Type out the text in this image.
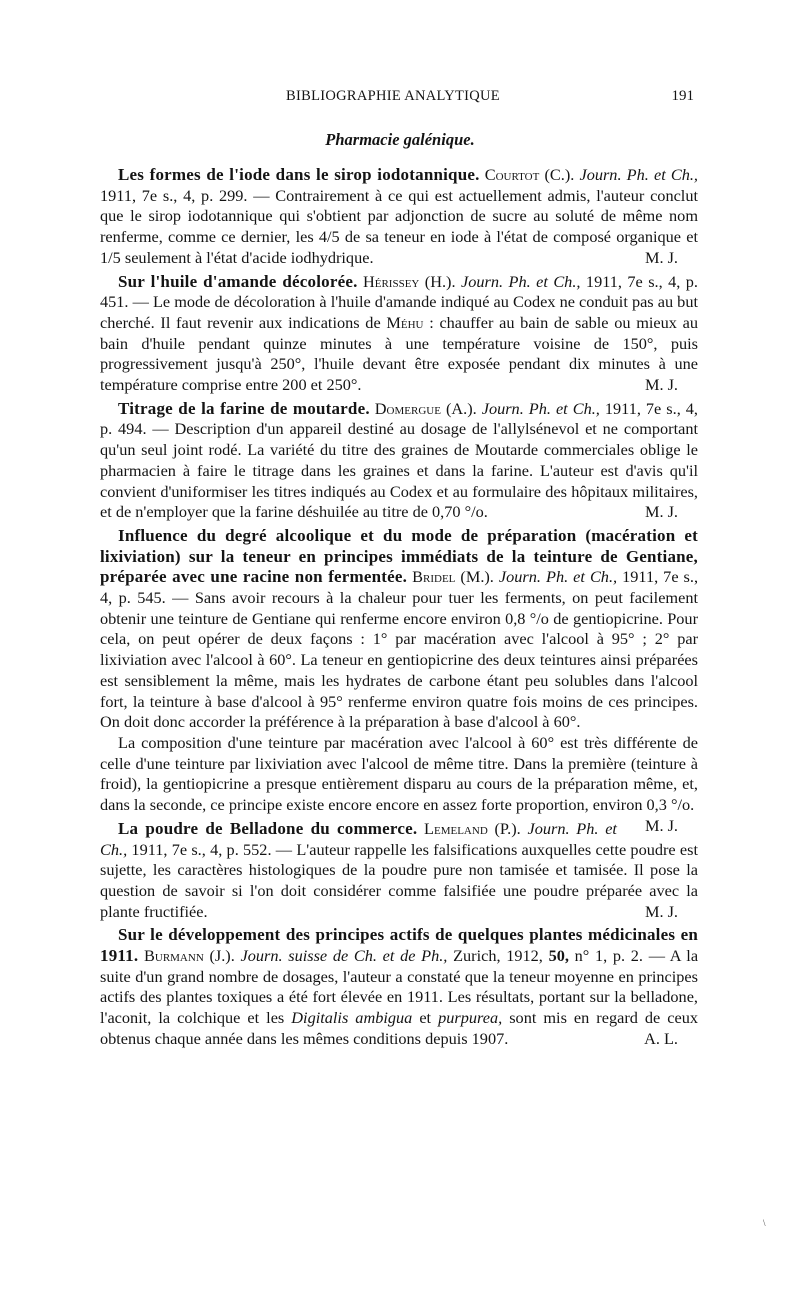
BIBLIOGRAPHIE ANALYTIQUE	191
Pharmacie galénique.

Les formes de l'iode dans le sirop iodotannique. Courtot (C.). Journ. Ph. et Ch., 1911, 7e s., 4, p. 299. — Contrairement à ce qui est actuellement admis, l'auteur conclut que le sirop iodotannique qui s'obtient par adjonction de sucre au soluté de même nom renferme, comme ce dernier, les 4/5 de sa teneur en iode à l'état de composé organique et 1/5 seulement à l'état d'acide iodhydrique.	M. J.

Sur l'huile d'amande décolorée. Hérissey (H.). Journ. Ph. et Ch., 1911, 7e s., 4, p. 451. — Le mode de décoloration à l'huile d'amande indiqué au Codex ne conduit pas au but cherché. Il faut revenir aux indications de Méhu : chauffer au bain de sable ou mieux au bain d'huile pendant quinze minutes à une température voisine de 150°, puis progressivement jusqu'à 250°, l'huile devant être exposée pendant dix minutes à une température comprise entre 200 et 250°.	M. J.

Titrage de la farine de moutarde. Domergue (A.). Journ. Ph. et Ch., 1911, 7e s., 4, p. 494. — Description d'un appareil destiné au dosage de l'allylsénevol et ne comportant qu'un seul joint rodé. La variété du titre des graines de Moutarde commerciales oblige le pharmacien à faire le titrage dans les graines et dans la farine. L'auteur est d'avis qu'il convient d'uniformiser les titres indiqués au Codex et au formulaire des hôpitaux militaires, et de n'employer que la farine déshuilée au titre de 0,70 °/o.	M. J.

Influence du degré alcoolique et du mode de préparation (macération et lixiviation) sur la teneur en principes immédiats de la teinture de Gentiane, préparée avec une racine non fermentée. Bridel (M.). Journ. Ph. et Ch., 1911, 7e s., 4, p. 545. — Sans avoir recours à la chaleur pour tuer les ferments, on peut facilement obtenir une teinture de Gentiane qui renferme encore environ 0,8 °/o de gentiopicrine. Pour cela, on peut opérer de deux façons : 1° par macération avec l'alcool à 95° ; 2° par lixiviation avec l'alcool à 60°. La teneur en gentiopicrine des deux teintures ainsi préparées est sensiblement la même, mais les hydrates de carbone étant peu solubles dans l'alcool fort, la teinture à base d'alcool à 95° renferme environ quatre fois moins de ces principes. On doit donc accorder la préférence à la préparation à base d'alcool à 60°.

La composition d'une teinture par macération avec l'alcool à 60° est très différente de celle d'une teinture par lixiviation avec l'alcool de même titre. Dans la première (teinture à froid), la gentiopicrine a presque entièrement disparu au cours de la préparation même, et, dans la seconde, ce principe existe encore encore en assez forte proportion, environ 0,3 °/o.
M. J.

La poudre de Belladone du commerce. Lemeland (P.). Journ. Ph. et Ch., 1911, 7e s., 4, p. 552. — L'auteur rappelle les falsifications auxquelles cette poudre est sujette, les caractères histologiques de la poudre pure non tamisée et tamisée. Il pose la question de savoir si l'on doit considérer comme falsifiée une poudre préparée avec la plante fructifiée.	M. J.

Sur le développement des principes actifs de quelques plantes médicinales en 1911. Burmann (J.). Journ. suisse de Ch. et de Ph., Zurich, 1912, 50, n° 1, p. 2. — A la suite d'un grand nombre de dosages, l'auteur a constaté que la teneur moyenne en principes actifs des plantes toxiques a été fort élevée en 1911. Les résultats, portant sur la belladone, l'aconit, la colchique et les Digitalis ambigua et purpurea, sont mis en regard de ceux obtenus chaque année dans les mêmes conditions depuis 1907.	A. L.

\
